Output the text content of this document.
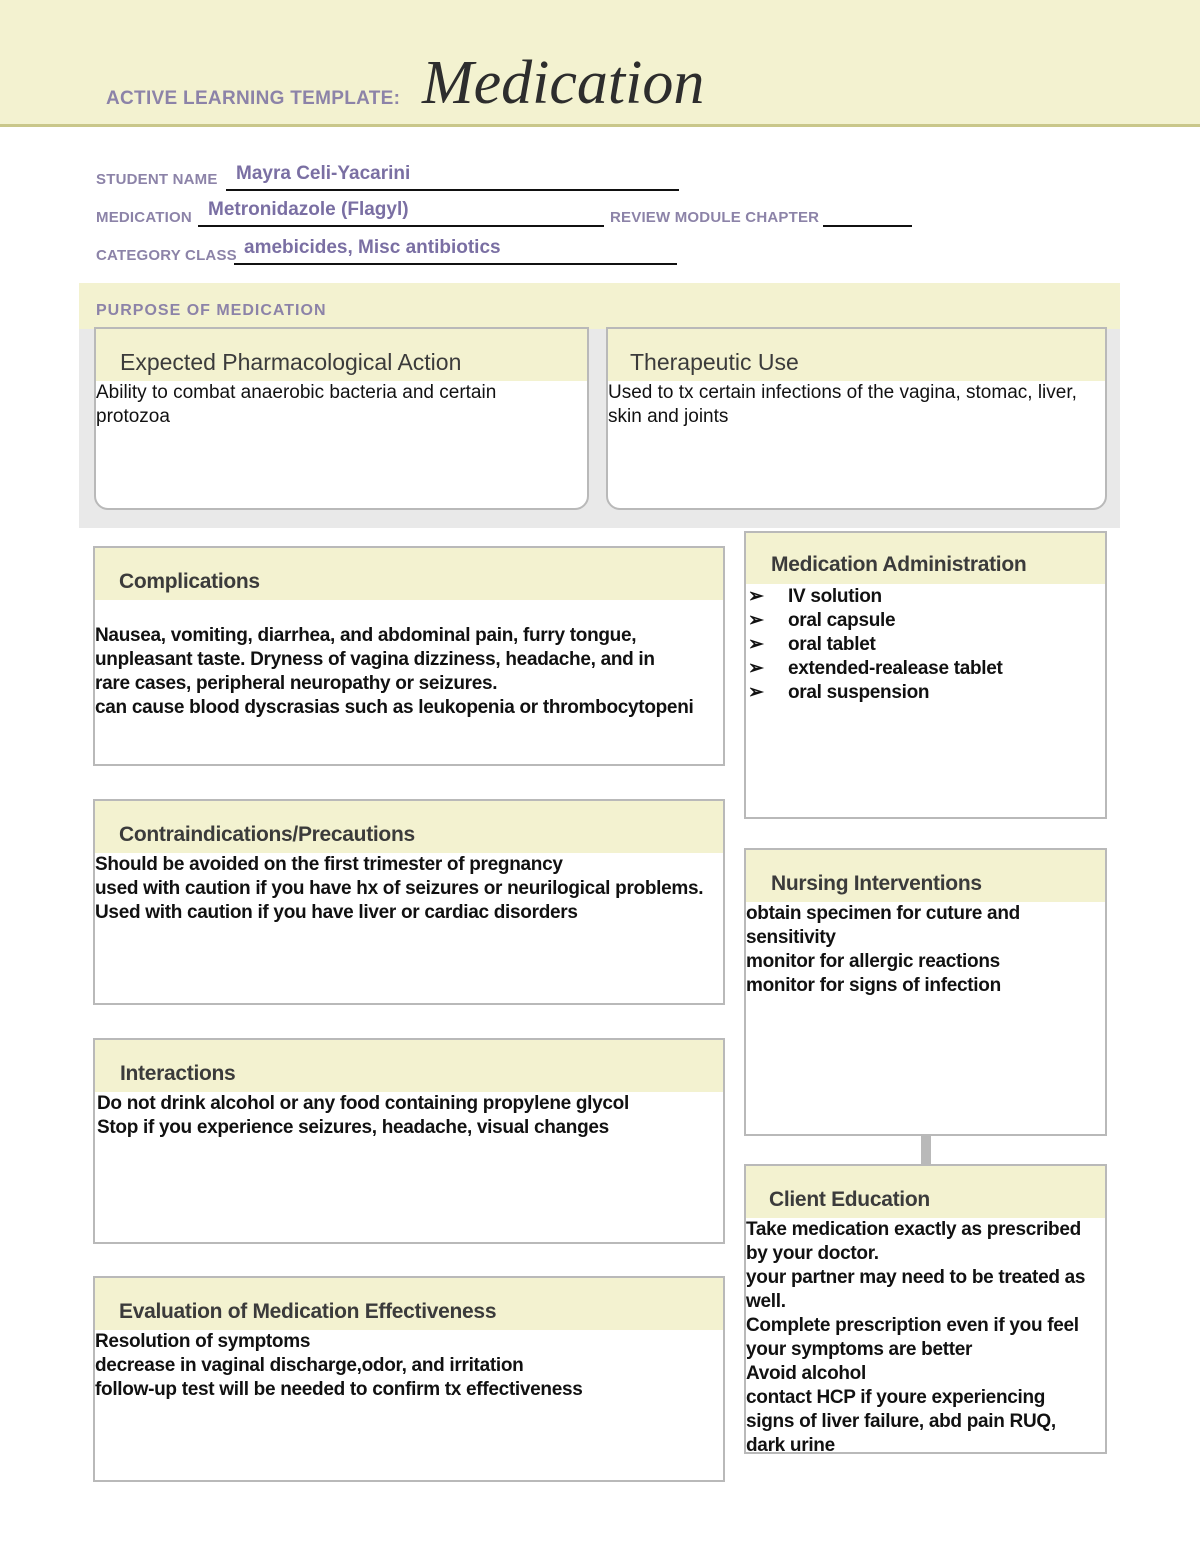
ACTIVE LEARNING TEMPLATE: Medication
STUDENT NAME Mayra Celi-Yacarini
MEDICATION Metronidazole (Flagyl)	REVIEW MODULE CHAPTER
CATEGORY CLASS amebicides, Misc antibiotics
PURPOSE OF MEDICATION
Expected Pharmacological Action
Ability to combat anaerobic bacteria and certain protozoa
Therapeutic Use
Used to tx certain infections of the vagina, stomac, liver, skin and joints
Complications
Nausea, vomiting, diarrhea, and abdominal pain, furry tongue,
unpleasant taste. Dryness of vagina dizziness, headache, and in
rare cases, peripheral neuropathy or seizures.
can cause blood dyscrasias such as leukopenia or thrombocytopeni
Medication Administration
➢ IV solution
➢ oral capsule
➢ oral tablet
➢ extended-realease tablet
➢ oral suspension
Contraindications/Precautions
Should be avoided on the first trimester of pregnancy
used with caution if you have hx of seizures or neurilogical problems.
Used with caution if you have liver or cardiac disorders
Nursing Interventions
obtain specimen for cuture and
sensitivity
monitor for allergic reactions
monitor for signs of infection
Interactions
Do not drink alcohol or any food containing propylene glycol
Stop if you experience seizures, headache, visual changes
Client Education
Take medication exactly as prescribed
by your doctor.
your partner may need to be treated as
well.
Complete prescription even if you feel
your symptoms are better
Avoid alcohol
contact HCP if youre experiencing
signs of liver failure, abd pain RUQ,
dark urine
Evaluation of Medication Effectiveness
Resolution of symptoms
decrease in vaginal discharge,odor, and irritation
follow-up test will be needed to confirm tx effectiveness
